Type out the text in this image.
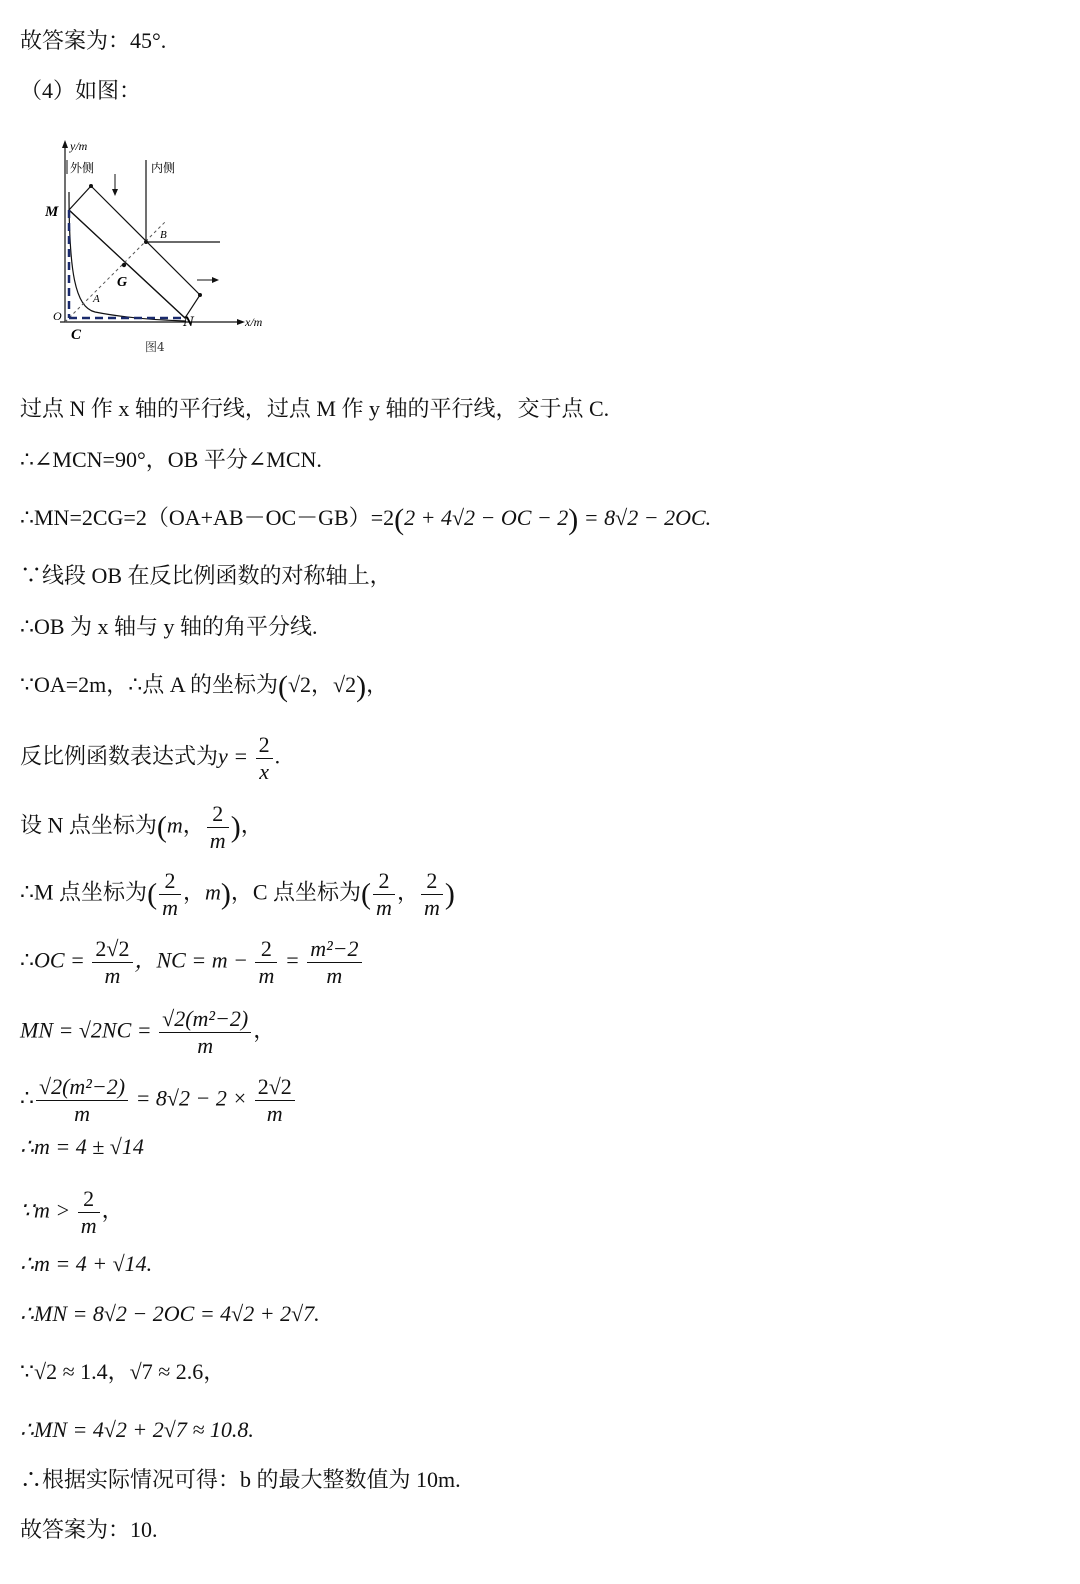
故答案为：45°.
（4）如图：
y/m
x/m
外侧	内侧
M
B
G
A
O
C
N
图4
过点 N 作 x 轴的平行线，过点 M 作 y 轴的平行线，交于点 C.
∴∠MCN=90°，OB 平分∠MCN.
∴MN=2CG=2（OA+AB－OC－GB）=2(2 + 4√2 − OC − 2) = 8√2 − 2OC.
∵线段 OB 在反比例函数的对称轴上，
∴OB 为 x 轴与 y 轴的角平分线.
∵OA=2m，∴点 A 的坐标为(√2，√2)，
反比例函数表达式为$y = \frac{2}{x}$ .
设 N 点坐标为(m， $\frac{2}{m}$ )，
∴M 点坐标为( $\frac{2}{m}$ ，m)，C 点坐标为( $\frac{2}{m}$ ， $\frac{2}{m}$ )
∴OC = $\frac{2√2}{m}$ ，NC = $m - \frac{2}{m} = \frac{\text{m²−2}}{m}$
MN = $√2NC = \frac{\text{√2(m²−2)}}{m}$ ，
∴ $\frac{\text{√2(m²−2)}}{m} = 8√2 - 2 \times \frac{2√2}{m}$
∴m = 4 ± √14
∵m > $\frac{2}{m}$ ，
∴m = 4 + √14.
∴MN = 8√2 − 2OC = 4√2 + 2√7.
∵√2 ≈ 1.4，√7 ≈ 2.6，
∴MN = 4√2 + 2√7 ≈ 10.8.
∴根据实际情况可得：b 的最大整数值为 10m.
故答案为：10.
